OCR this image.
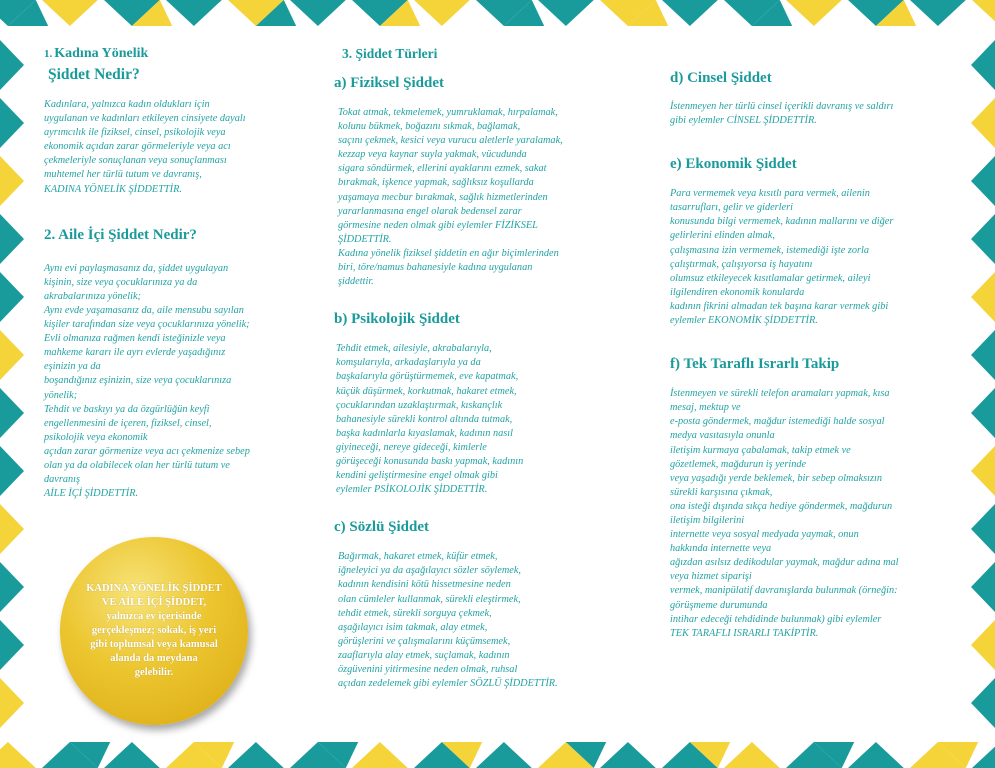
1. Kadına Yönelik

Şiddet Nedir?

Kadınlara, yalnızca kadın oldukları için
uygulanan ve kadınları etkileyen cinsiyete dayalı
ayrımcılık ile fiziksel, cinsel, psikolojik veya
ekonomik açıdan zarar görmeleriyle veya acı
çekmeleriyle sonuçlanan veya sonuçlanması
muhtemel her türlü tutum ve davranış,
KADINA YÖNELİK ŞİDDETTİR.

2. Aile İçi Şiddet Nedir?

Aynı evi paylaşmasanız da, şiddet uygulayan
kişinin, size veya çocuklarınıza ya da
akrabalarınıza yönelik;
Aynı evde yaşamasanız da, aile mensubu sayılan
kişiler tarafından size veya çocuklarınıza yönelik;
Evli olmanıza rağmen kendi isteğinizle veya
mahkeme kararı ile ayrı evlerde yaşadığınız
eşinizin ya da
boşandığınız eşinizin, size veya çocuklarınıza
yönelik;
Tehdit ve baskıyı ya da özgürlüğün keyfi
engellenmesini de içeren, fiziksel, cinsel,
psikolojik veya ekonomik
açıdan zarar görmenize veya acı çekmenize sebep
olan ya da olabilecek olan her türlü tutum ve
davranış
AİLE İÇİ ŞİDDETTİR.

KADINA YÖNELİK ŞİDDET
VE AİLE İÇİ ŞİDDET,
yalnızca ev içerisinde
gerçekleşmez; sokak, iş yeri
gibi toplumsal veya kamusal
alanda da meydana
gelebilir.

3. Şiddet Türleri

a) Fiziksel Şiddet

Tokat atmak, tekmelemek, yumruklamak, hırpalamak,
kolunu bükmek, boğazını sıkmak, bağlamak,
saçını çekmek, kesici veya vurucu aletlerle yaralamak,
kezzap veya kaynar suyla yakmak, vücudunda
sigara söndürmek, ellerini ayaklarını ezmek, sakat
bırakmak, işkence yapmak, sağlıksız koşullarda
yaşamaya mecbur bırakmak, sağlık hizmetlerinden
yararlanmasına engel olarak bedensel zarar
görmesine neden olmak gibi eylemler FİZİKSEL
ŞİDDETTİR.
Kadına yönelik fiziksel şiddetin en ağır biçimlerinden
biri, töre/namus bahanesiyle kadına uygulanan
şiddettir.

b) Psikolojik Şiddet

Tehdit etmek, ailesiyle, akrabalarıyla,
komşularıyla, arkadaşlarıyla ya da
başkalarıyla görüştürmemek, eve kapatmak,
küçük düşürmek, korkutmak, hakaret etmek,
çocuklarından uzaklaştırmak, kıskançlık
bahanesiyle sürekli kontrol altında tutmak,
başka kadınlarla kıyaslamak, kadının nasıl
giyineceği, nereye gideceği, kimlerle
görüşeceği konusunda baskı yapmak, kadının
kendini geliştirmesine engel olmak gibi
eylemler PSİKOLOJİK ŞİDDETTİR.

c) Sözlü Şiddet

Bağırmak, hakaret etmek, küfür etmek,
iğneleyici ya da aşağılayıcı sözler söylemek,
kadının kendisini kötü hissetmesine neden
olan cümleler kullanmak, sürekli eleştirmek,
tehdit etmek, sürekli sorguya çekmek,
aşağılayıcı isim takmak, alay etmek,
görüşlerini ve çalışmalarını küçümsemek,
zaaflarıyla alay etmek, suçlamak, kadının
özgüvenini yitirmesine neden olmak, ruhsal
açıdan zedelemek gibi eylemler SÖZLÜ ŞİDDETTİR.

d) Cinsel Şiddet

İstenmeyen her türlü cinsel içerikli davranış ve saldırı
gibi eylemler CİNSEL ŞİDDETTİR.

e) Ekonomik Şiddet

Para vermemek veya kısıtlı para vermek, ailenin
tasarrufları, gelir ve giderleri
konusunda bilgi vermemek, kadının mallarını ve diğer
gelirlerini elinden almak,
çalışmasına izin vermemek, istemediği işte zorla
çalıştırmak, çalışıyorsa iş hayatını
olumsuz etkileyecek kısıtlamalar getirmek, aileyi
ilgilendiren ekonomik konularda
kadının fikrini almadan tek başına karar vermek gibi
eylemler EKONOMİK ŞİDDETTİR.

f) Tek Taraflı Israrlı Takip

İstenmeyen ve sürekli telefon aramaları yapmak, kısa
mesaj, mektup ve
e-posta göndermek, mağdur istemediği halde sosyal
medya vasıtasıyla onunla
iletişim kurmaya çabalamak, takip etmek ve
gözetlemek, mağdurun iş yerinde
veya yaşadığı yerde beklemek, bir sebep olmaksızın
sürekli karşısına çıkmak,
ona isteği dışında sıkça hediye göndermek, mağdurun
iletişim bilgilerini
internette veya sosyal medyada yaymak, onun
hakkında internette veya
ağızdan asılsız dedikodular yaymak, mağdur adına mal
veya hizmet siparişi
vermek, manipülatif davranışlarda bulunmak (örneğin:
görüşmeme durumunda
intihar edeceği tehdidinde bulunmak) gibi eylemler
TEK TARAFLI ISRARLI TAKİPTİR.
